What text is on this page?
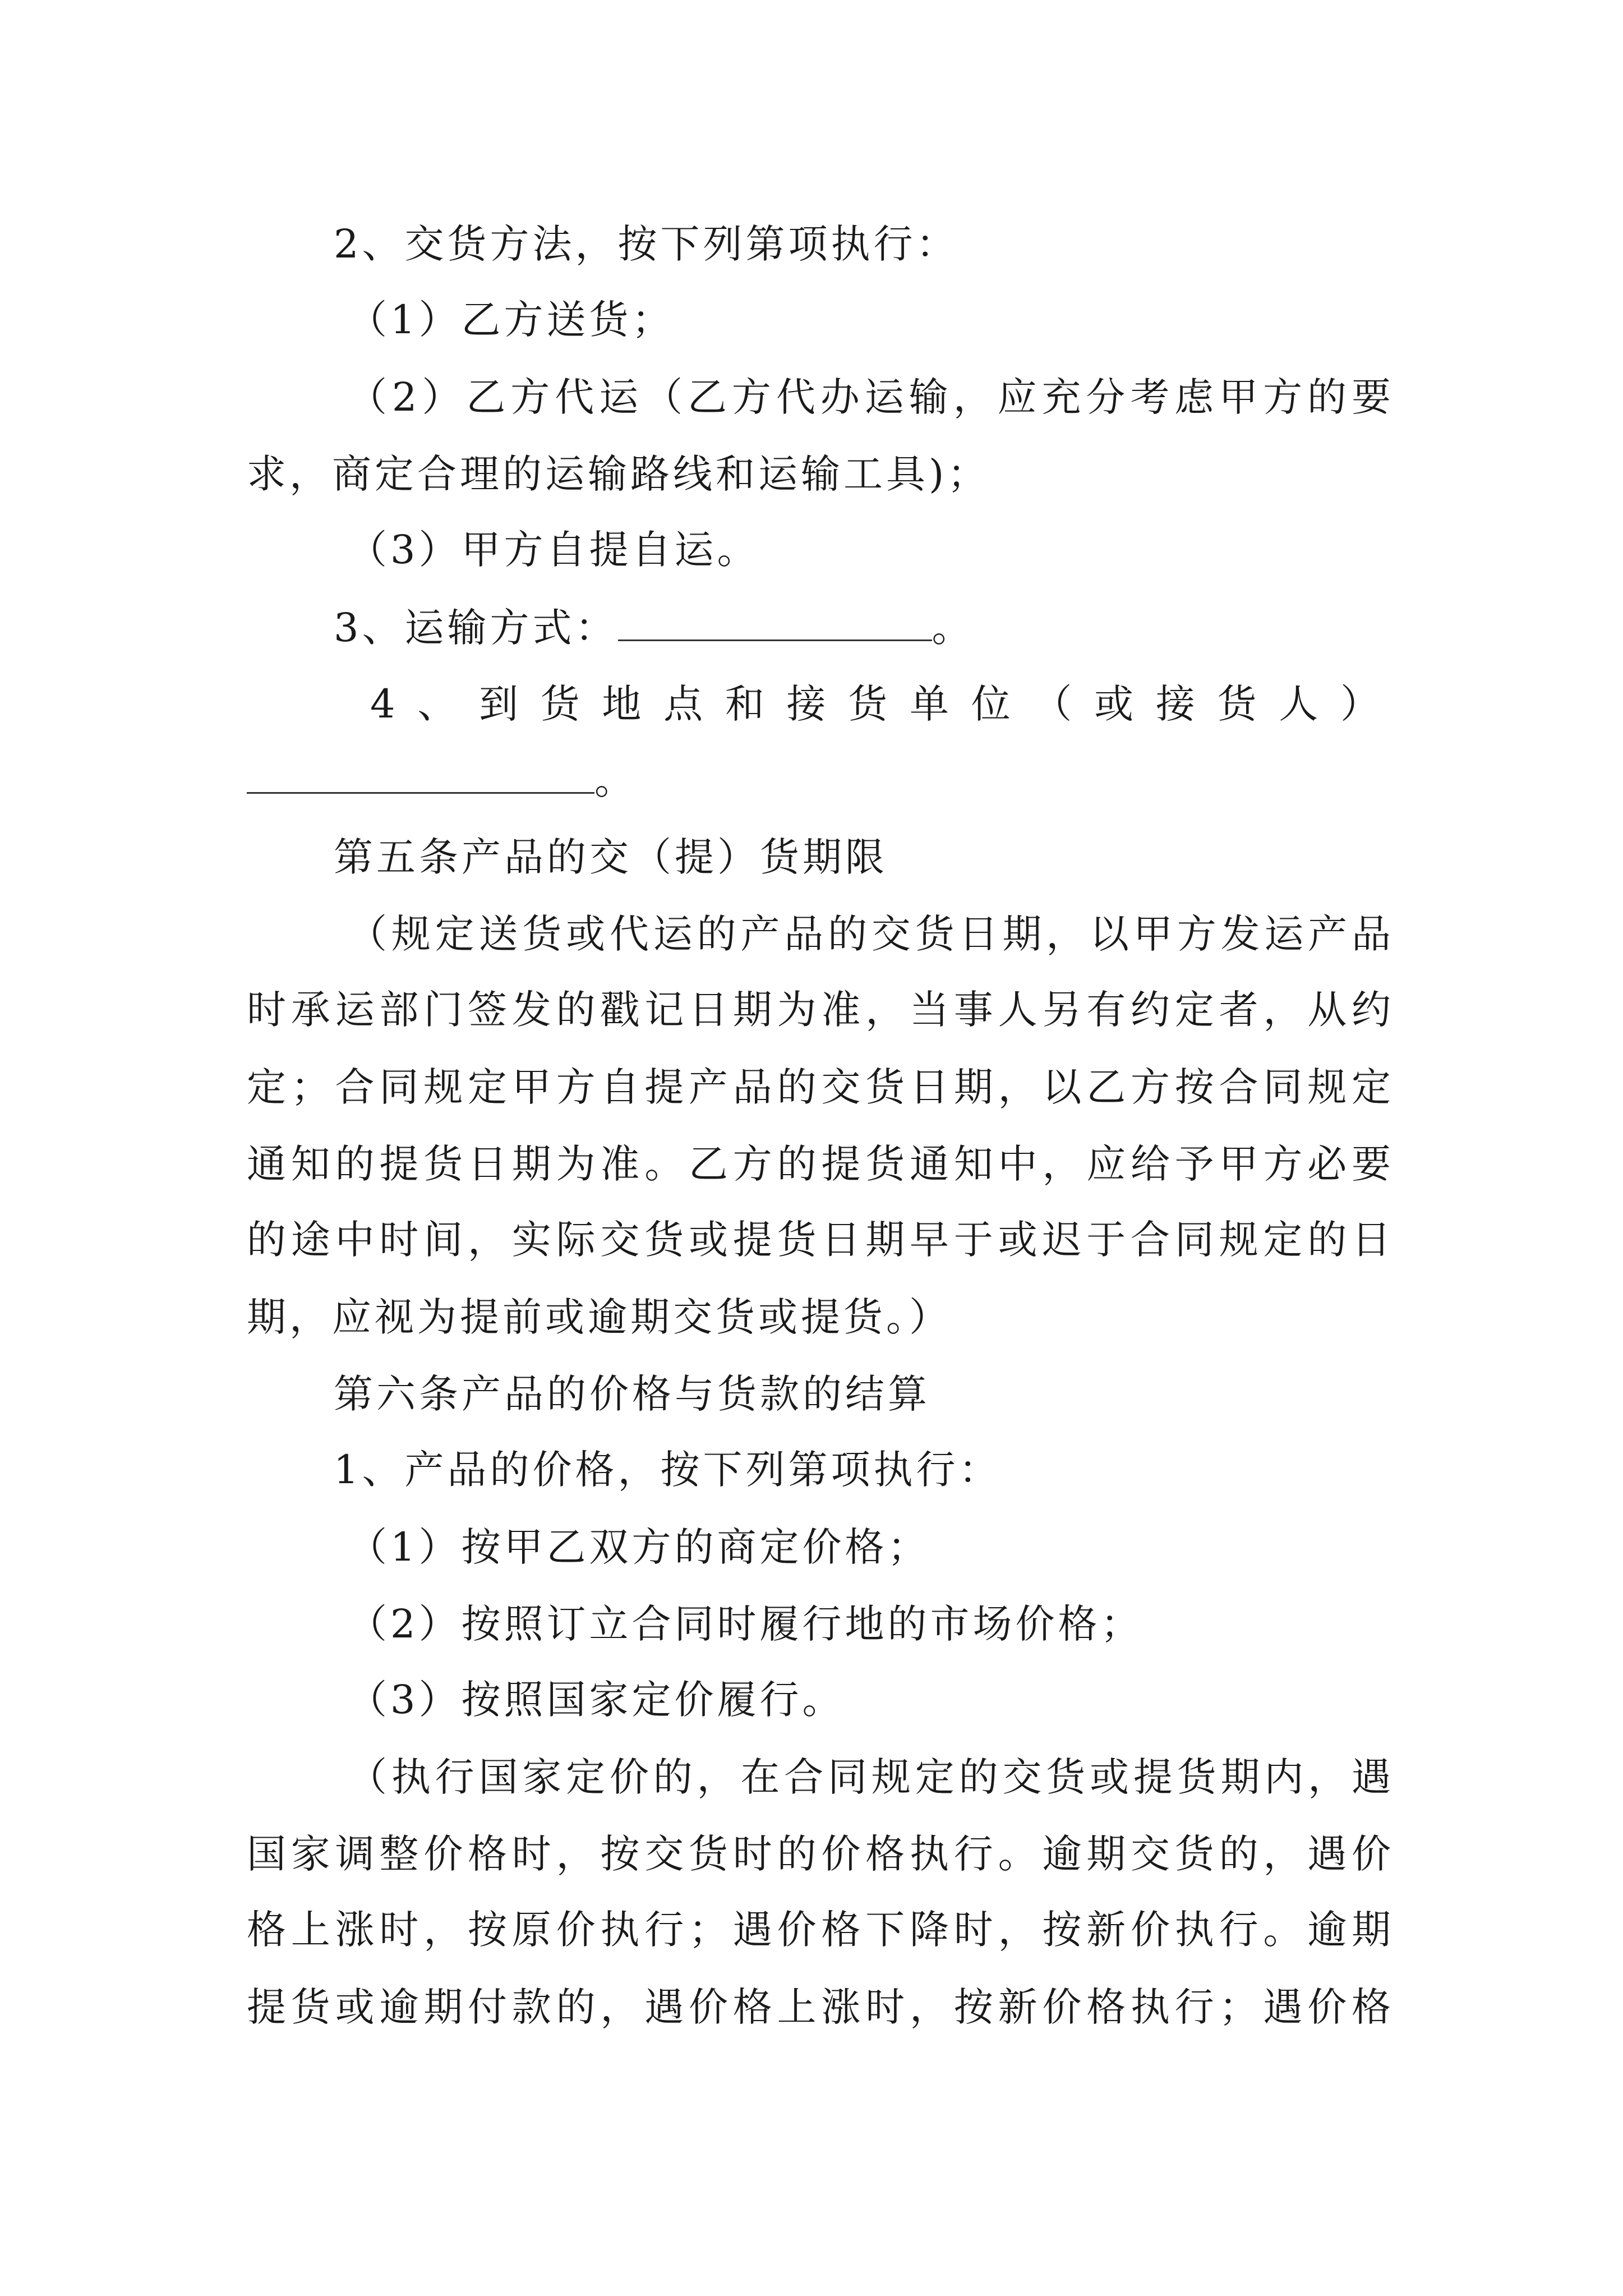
2、交货方法，按下列第项执行：
（1）乙方送货；
（2）乙方代运（乙方代办运输，应充分考虑甲方的要
求，商定合理的运输路线和运输工具)；
（3）甲方自提自运。
3、运输方式：	。
4、到货地点和接货单位（或接货人）
。
第五条产品的交（提）货期限
（规定送货或代运的产品的交货日期，以甲方发运产品
时承运部门签发的戳记日期为准，当事人另有约定者，从约
定；合同规定甲方自提产品的交货日期，以乙方按合同规定
通知的提货日期为准。乙方的提货通知中，应给予甲方必要
的途中时间，实际交货或提货日期早于或迟于合同规定的日
期，应视为提前或逾期交货或提货。）
第六条产品的价格与货款的结算
1、产品的价格，按下列第项执行：
（1）按甲乙双方的商定价格；
（2）按照订立合同时履行地的市场价格；
（3）按照国家定价履行。
（执行国家定价的，在合同规定的交货或提货期内，遇
国家调整价格时，按交货时的价格执行。逾期交货的，遇价
格上涨时，按原价执行；遇价格下降时，按新价执行。逾期
提货或逾期付款的，遇价格上涨时，按新价格执行；遇价格
